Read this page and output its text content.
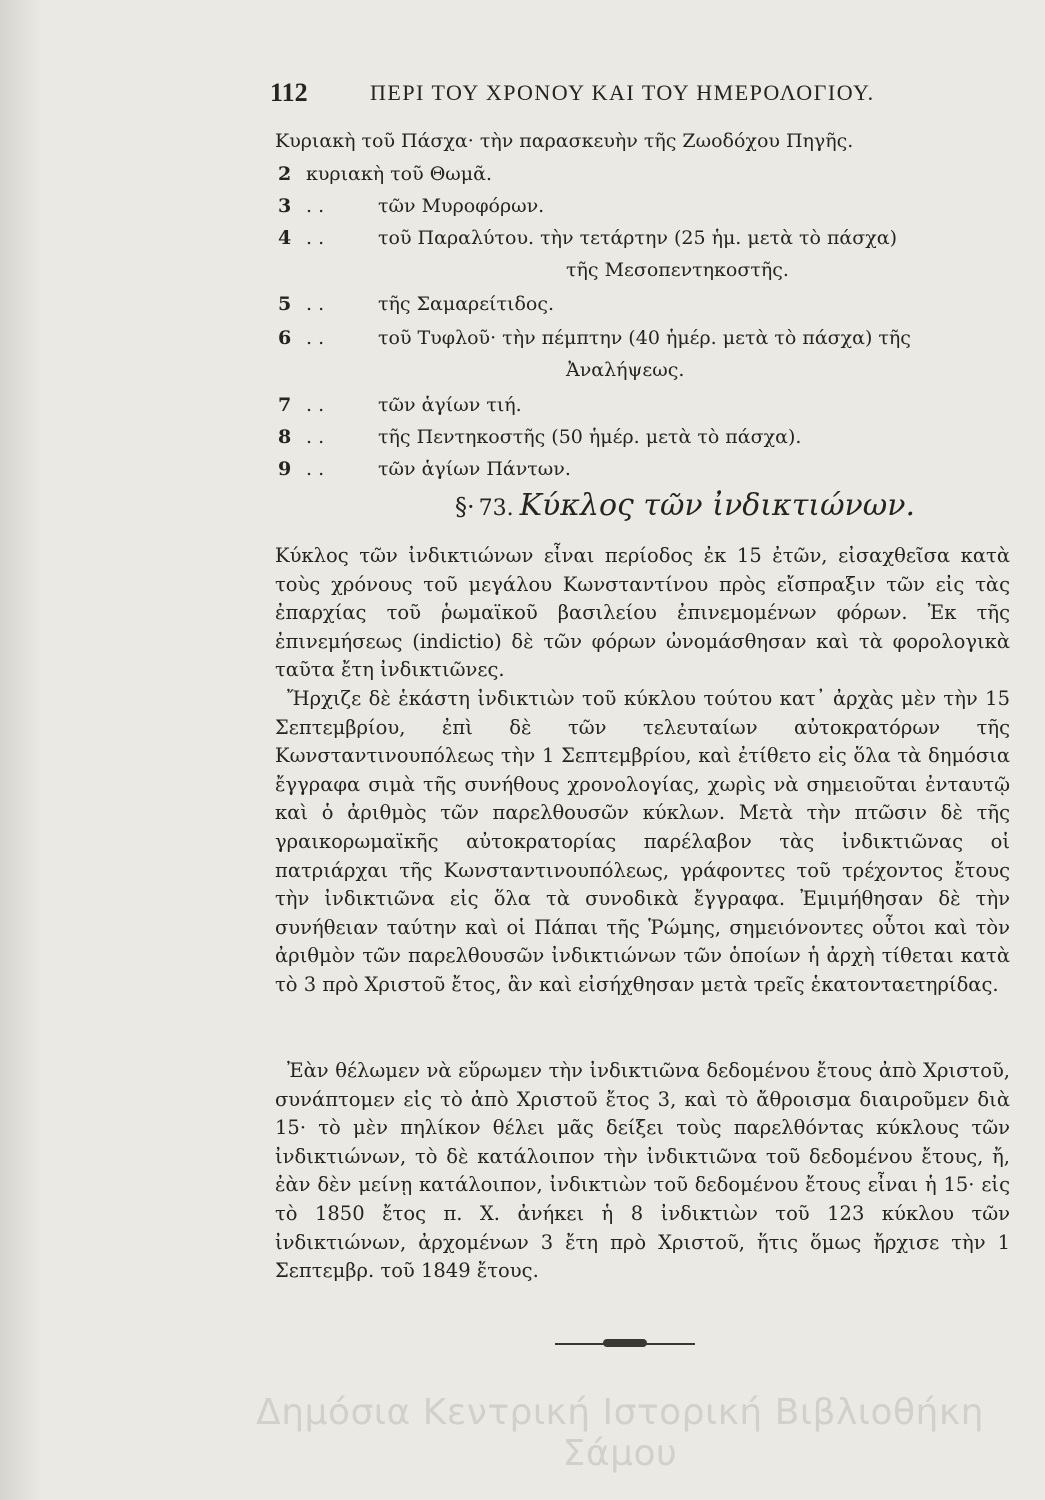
112	ΠΕΡΙ ΤΟΥ ΧΡΟΝΟΥ ΚΑΙ ΤΟΥ ΗΜΕΡΟΛΟΓΙΟΥ.
Κυριακὴ τοῦ Πάσχα· τὴν παρασκευὴν τῆς Ζωοδόχου Πηγῆς.
2 κυριακὴ τοῦ Θωμᾶ.
3 . .	τῶν Μυροφόρων.
4 . .	τοῦ Παραλύτου. τὴν τετάρτην (25 ἡμ. μετὰ τὸ πάσχα)
τῆς Μεσοπεντηκοστῆς.
5 . .	τῆς Σαμαρείτιδος.
6 . .	τοῦ Τυφλοῦ· τὴν πέμπτην (40 ἡμέρ. μετὰ τὸ πάσχα) τῆς
Ἀναλήψεως.
7 . .	τῶν ἁγίων τιή.
8 . .	τῆς Πεντηκοστῆς (50 ἡμέρ. μετὰ τὸ πάσχα).
9 . .	τῶν ἁγίων Πάντων.
§· 73. Κύκλος τῶν ἰνδικτιώνων.

Κύκλος τῶν ἰνδικτιώνων εἶναι περίοδος ἐκ 15 ἐτῶν, εἰσαχθεῖσα κατὰ τοὺς χρόνους τοῦ μεγάλου Κωνσταντίνου πρὸς εἴσπραξιν τῶν εἰς τὰς ἐπαρχίας τοῦ ῥωμαϊκοῦ βασιλείου ἐπινεμομένων φόρων. Ἐκ τῆς ἐπινεμήσεως (indictio) δὲ τῶν φόρων ὠνομάσθησαν καὶ τὰ φορολογικὰ ταῦτα ἔτη ἰνδικτιῶνες.

Ἤρχιζε δὲ ἑκάστη ἰνδικτιὼν τοῦ κύκλου τούτου κατ᾽ ἀρχὰς μὲν τὴν 15 Σεπτεμβρίου, ἐπὶ δὲ τῶν τελευταίων αὐτοκρατόρων τῆς Κωνσταντινουπόλεως τὴν 1 Σεπτεμβρίου, καὶ ἐτίθετο εἰς ὅλα τὰ δημόσια ἔγγραφα σιμὰ τῆς συνήθους χρονολογίας, χωρὶς νὰ σημειοῦται ἐνταυτῷ καὶ ὁ ἀριθμὸς τῶν παρελθουσῶν κύκλων. Μετὰ τὴν πτῶσιν δὲ τῆς γραικορωμαϊκῆς αὐτοκρατορίας παρέλαβον τὰς ἰνδικτιῶνας οἱ πατριάρχαι τῆς Κωνσταντινουπόλεως, γράφοντες τοῦ τρέχοντος ἔτους τὴν ἰνδικτιῶνα εἰς ὅλα τὰ συνοδικὰ ἔγγραφα. Ἐμιμήθησαν δὲ τὴν συνήθειαν ταύτην καὶ οἱ Πάπαι τῆς Ῥώμης, σημειόνοντες οὗτοι καὶ τὸν ἀριθμὸν τῶν παρελθουσῶν ἰνδικτιώνων τῶν ὁποίων ἡ ἀρχὴ τίθεται κατὰ τὸ 3 πρὸ Χριστοῦ ἔτος, ἂν καὶ εἰσήχθησαν μετὰ τρεῖς ἑκατονταετηρίδας.

Ἐὰν θέλωμεν νὰ εὕρωμεν τὴν ἰνδικτιῶνα δεδομένου ἔτους ἀπὸ Χριστοῦ, συνάπτομεν εἰς τὸ ἀπὸ Χριστοῦ ἔτος 3, καὶ τὸ ἄθροισμα διαιροῦμεν διὰ 15· τὸ μὲν πηλίκον θέλει μᾶς δείξει τοὺς παρελθόντας κύκλους τῶν ἰνδικτιώνων, τὸ δὲ κατάλοιπον τὴν ἰνδικτιῶνα τοῦ δεδομένου ἔτους, ἤ, ἐὰν δὲν μείνῃ κατάλοιπον, ἰνδικτιὼν τοῦ δεδομένου ἔτους εἶναι ἡ 15· εἰς τὸ 1850 ἔτος π. Χ. ἀνήκει ἡ 8 ἰνδικτιὼν τοῦ 123 κύκλου τῶν ἰνδικτιώνων, ἀρχομένων 3 ἔτη πρὸ Χριστοῦ, ἥτις ὅμως ἤρχισε τὴν 1 Σεπτεμβρ. τοῦ 1849 ἔτους.

Δημόσια Κεντρική Ιστορική Βιβλιοθήκη Σάμου
